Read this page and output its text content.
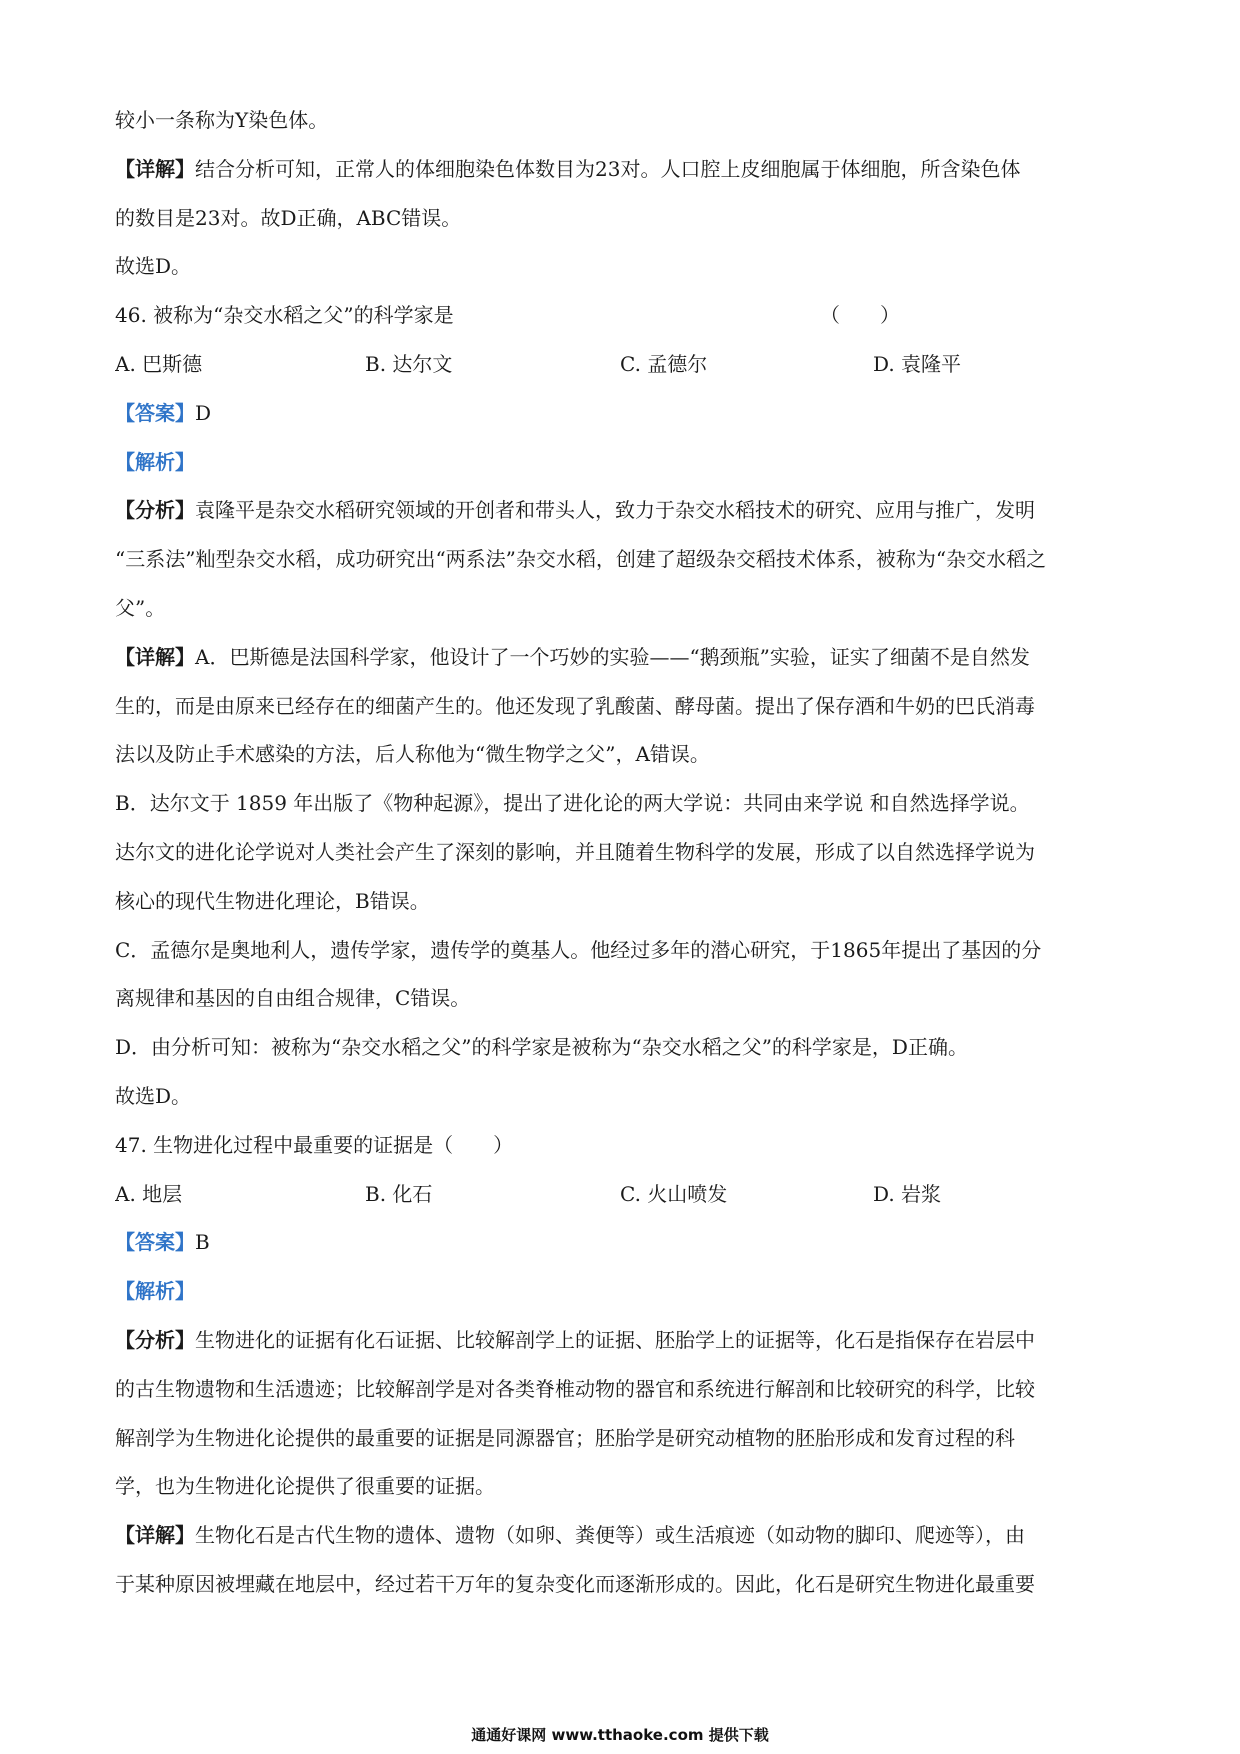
较小一条称为Y染色体。
【详解】结合分析可知，正常人的体细胞染色体数目为23对。人口腔上皮细胞属于体细胞，所含染色体
的数目是23对。故D正确，ABC错误。
故选D。
46. 被称为“杂交水稻之父”的科学家是	（　　）
A. 巴斯德	B. 达尔文	C. 孟德尔	D. 袁隆平
【答案】D
【解析】
【分析】袁隆平是杂交水稻研究领域的开创者和带头人，致力于杂交水稻技术的研究、应用与推广，发明
“三系法”籼型杂交水稻，成功研究出“两系法”杂交水稻，创建了超级杂交稻技术体系，被称为“杂交水稻之
父”。
【详解】A．巴斯德是法国科学家，他设计了一个巧妙的实验——“鹅颈瓶”实验，证实了细菌不是自然发
生的，而是由原来已经存在的细菌产生的。他还发现了乳酸菌、酵母菌。提出了保存酒和牛奶的巴氏消毒
法以及防止手术感染的方法，后人称他为“微生物学之父”，A错误。
B．达尔文于 1859 年出版了《物种起源》，提出了进化论的两大学说：共同由来学说 和自然选择学说。
达尔文的进化论学说对人类社会产生了深刻的影响，并且随着生物科学的发展，形成了以自然选择学说为
核心的现代生物进化理论，B错误。
C．孟德尔是奥地利人，遗传学家，遗传学的奠基人。他经过多年的潜心研究，于1865年提出了基因的分
离规律和基因的自由组合规律，C错误。
D．由分析可知：被称为“杂交水稻之父”的科学家是被称为“杂交水稻之父”的科学家是，D正确。
故选D。
47. 生物进化过程中最重要的证据是（　　）
A. 地层	B. 化石	C. 火山喷发	D. 岩浆
【答案】B
【解析】
【分析】生物进化的证据有化石证据、比较解剖学上的证据、胚胎学上的证据等，化石是指保存在岩层中
的古生物遗物和生活遗迹；比较解剖学是对各类脊椎动物的器官和系统进行解剖和比较研究的科学，比较
解剖学为生物进化论提供的最重要的证据是同源器官；胚胎学是研究动植物的胚胎形成和发育过程的科
学，也为生物进化论提供了很重要的证据。
【详解】生物化石是古代生物的遗体、遗物（如卵、粪便等）或生活痕迹（如动物的脚印、爬迹等），由
于某种原因被埋藏在地层中，经过若干万年的复杂变化而逐渐形成的。因此，化石是研究生物进化最重要
通通好课网 www.tthaoke.com 提供下载
